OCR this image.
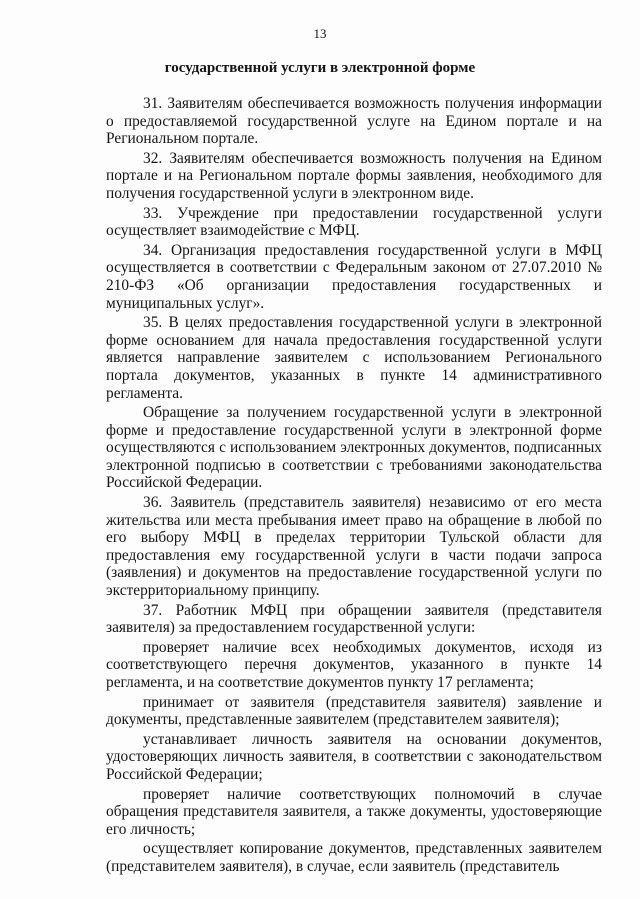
13
государственной услуги в электронной форме

31. Заявителям обеспечивается возможность получения информации о предоставляемой государственной услуге на Едином портале и на Региональном портале.

32. Заявителям обеспечивается возможность получения на Едином портале и на Региональном портале формы заявления, необходимого для получения государственной услуги в электронном виде.

33. Учреждение при предоставлении государственной услуги осуществляет взаимодействие с МФЦ.

34. Организация предоставления государственной услуги в МФЦ осуществляется в соответствии с Федеральным законом от 27.07.2010 № 210-ФЗ «Об организации предоставления государственных и муниципальных услуг».

35. В целях предоставления государственной услуги в электронной форме основанием для начала предоставления государственной услуги является направление заявителем с использованием Регионального портала документов, указанных в пункте 14 административного регламента.

Обращение за получением государственной услуги в электронной форме и предоставление государственной услуги в электронной форме осуществляются с использованием электронных документов, подписанных электронной подписью в соответствии с требованиями законодательства Российской Федерации.

36. Заявитель (представитель заявителя) независимо от его места жительства или места пребывания имеет право на обращение в любой по его выбору МФЦ в пределах территории Тульской области для предоставления ему государственной услуги в части подачи запроса (заявления) и документов на предоставление государственной услуги по экстерриториальному принципу.

37. Работник МФЦ при обращении заявителя (представителя заявителя) за предоставлением государственной услуги:

проверяет наличие всех необходимых документов, исходя из соответствующего перечня документов, указанного в пункте 14 регламента, и на соответствие документов пункту 17 регламента;

принимает от заявителя (представителя заявителя) заявление и документы, представленные заявителем (представителем заявителя);

устанавливает личность заявителя на основании документов, удостоверяющих личность заявителя, в соответствии с законодательством Российской Федерации;

проверяет наличие соответствующих полномочий в случае обращения представителя заявителя, а также документы, удостоверяющие его личность;

осуществляет копирование документов, представленных заявителем (представителем заявителя), в случае, если заявитель (представитель
